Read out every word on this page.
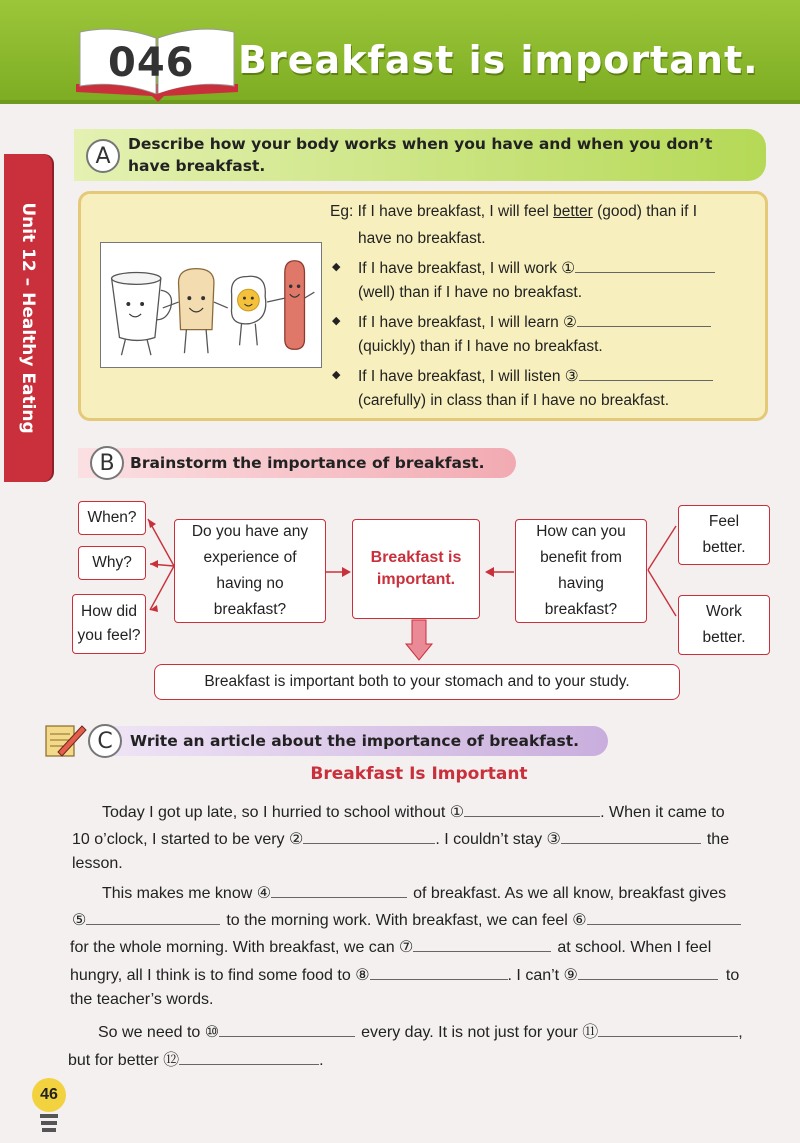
046 Breakfast is important.
Unit 12 – Healthy Eating
Describe how your body works when you have and when you don’t
have breakfast.
A
Eg: If I have breakfast, I will feel better (good) than if I
have no breakfast.
◆ If I have breakfast, I will work ①
(well) than if I have no breakfast.
◆ If I have breakfast, I will learn ②
(quickly) than if I have no breakfast.
◆ If I have breakfast, I will listen ③
(carefully) in class than if I have no breakfast.
Brainstorm the importance of breakfast.
B
When?
Why?
How did you feel?
Do you have any experience of having no breakfast?
Breakfast is important.
How can you benefit from having breakfast?
Feel better.
Work better.
Breakfast is important both to your stomach and to your study.
Write an article about the importance of breakfast.
C
Breakfast Is Important
Today I got up late, so I hurried to school without ①	. When it came to
10 o’clock, I started to be very ②	. I couldn’t stay ③	the
lesson.
This makes me know ④	of breakfast. As we all know, breakfast gives
⑤	to the morning work. With breakfast, we can feel ⑥
for the whole morning. With breakfast, we can ⑦	at school. When I feel
hungry, all I think is to find some food to ⑧	. I can’t ⑨	to
the teacher’s words.
So we need to ⑩	every day. It is not just for your ⑪	,
but for better ⑫	.
46
